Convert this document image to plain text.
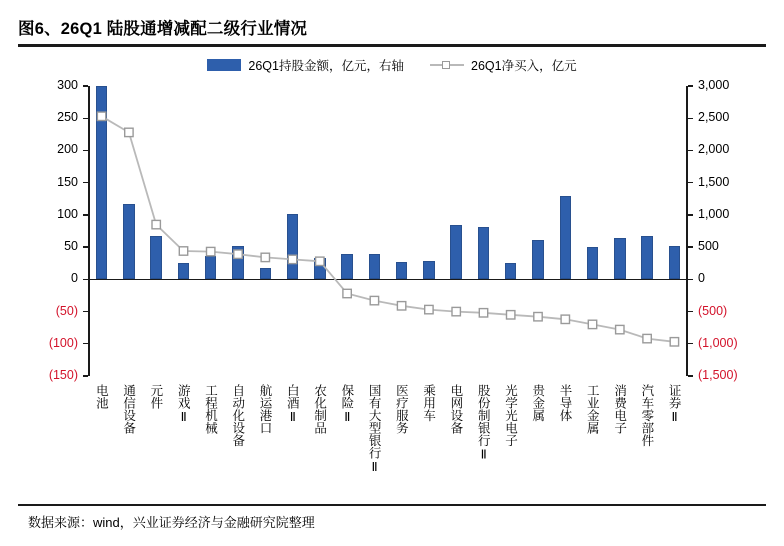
图6、26Q1 陆股通增减配二级行业情况
26Q1持股金额，亿元，右轴	26Q1净买入，亿元
300
250
200
150
100
50
0
(50)
(100)
(150)
3,000
2,500
2,000
1,500
1,000
500
0
(500)
(1,000)
(1,500)
电池 通信设备 元件 游戏Ⅱ 工程机械 自动化设备 航运港口 白酒Ⅱ 农化制品 保险Ⅱ 国有大型银行Ⅱ 医疗服务 乘用车 电网设备 股份制银行Ⅱ 光学光电子 贵金属 半导体 工业金属 消费电子 汽车零部件 证券Ⅱ
数据来源：wind，兴业证券经济与金融研究院整理
